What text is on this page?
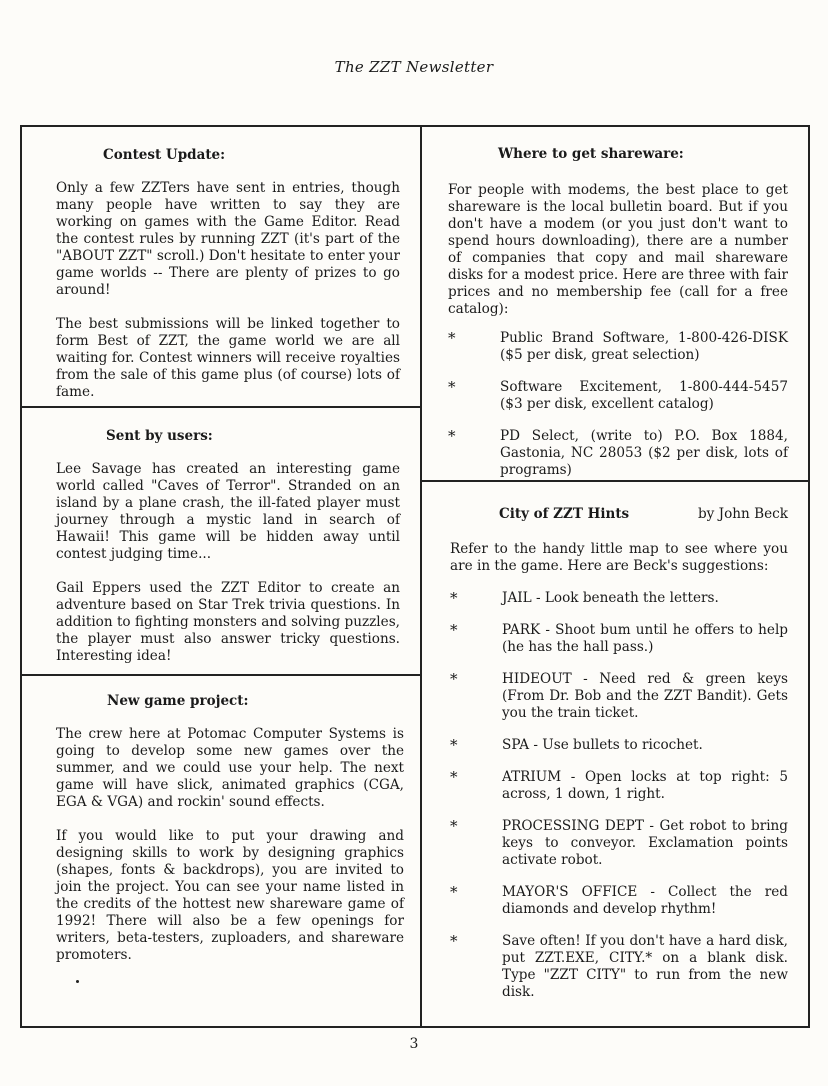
The ZZT Newsletter
Contest Update:

Only a few ZZTers have sent in entries, though many people have written to say they are working on games with the Game Editor. Read the contest rules by running ZZT (it's part of the "ABOUT ZZT" scroll.) Don't hesitate to enter your game worlds -- There are plenty of prizes to go around!

The best submissions will be linked together to form Best of ZZT, the game world we are all waiting for. Contest winners will receive royalties from the sale of this game plus (of course) lots of fame.

Sent by users:

Lee Savage has created an interesting game world called "Caves of Terror". Stranded on an island by a plane crash, the ill-fated player must journey through a mystic land in search of Hawaii! This game will be hidden away until contest judging time...

Gail Eppers used the ZZT Editor to create an adventure based on Star Trek trivia questions. In addition to fighting monsters and solving puzzles, the player must also answer tricky questions. Interesting idea!

New game project:

The crew here at Potomac Computer Systems is going to develop some new games over the summer, and we could use your help. The next game will have slick, animated graphics (CGA, EGA & VGA) and rockin' sound effects.

If you would like to put your drawing and designing skills to work by designing graphics (shapes, fonts & backdrops), you are invited to join the project. You can see your name listed in the credits of the hottest new shareware game of 1992! There will also be a few openings for writers, beta-testers, zuploaders, and shareware promoters.

Where to get shareware:

For people with modems, the best place to get shareware is the local bulletin board. But if you don't have a modem (or you just don't want to spend hours downloading), there are a number of companies that copy and mail shareware disks for a modest price. Here are three with fair prices and no membership fee (call for a free catalog):

*	Public Brand Software, 1-800-426-DISK ($5 per disk, great selection)
*	Software Excitement, 1-800-444-5457 ($3 per disk, excellent catalog)
*	PD Select, (write to) P.O. Box 1884, Gastonia, NC 28053 ($2 per disk, lots of programs)
City of ZZT Hints	by John Beck

Refer to the handy little map to see where you are in the game. Here are Beck's suggestions:

*	JAIL - Look beneath the letters.
*	PARK - Shoot bum until he offers to help (he has the hall pass.)
*	HIDEOUT - Need red & green keys (From Dr. Bob and the ZZT Bandit). Gets you the train ticket.
*	SPA - Use bullets to ricochet.
*	ATRIUM - Open locks at top right: 5 across, 1 down, 1 right.
*	PROCESSING DEPT - Get robot to bring keys to conveyor. Exclamation points activate robot.
*	MAYOR'S OFFICE - Collect the red diamonds and develop rhythm!
*	Save often! If you don't have a hard disk, put ZZT.EXE, CITY.* on a blank disk. Type "ZZT CITY" to run from the new disk.
3
